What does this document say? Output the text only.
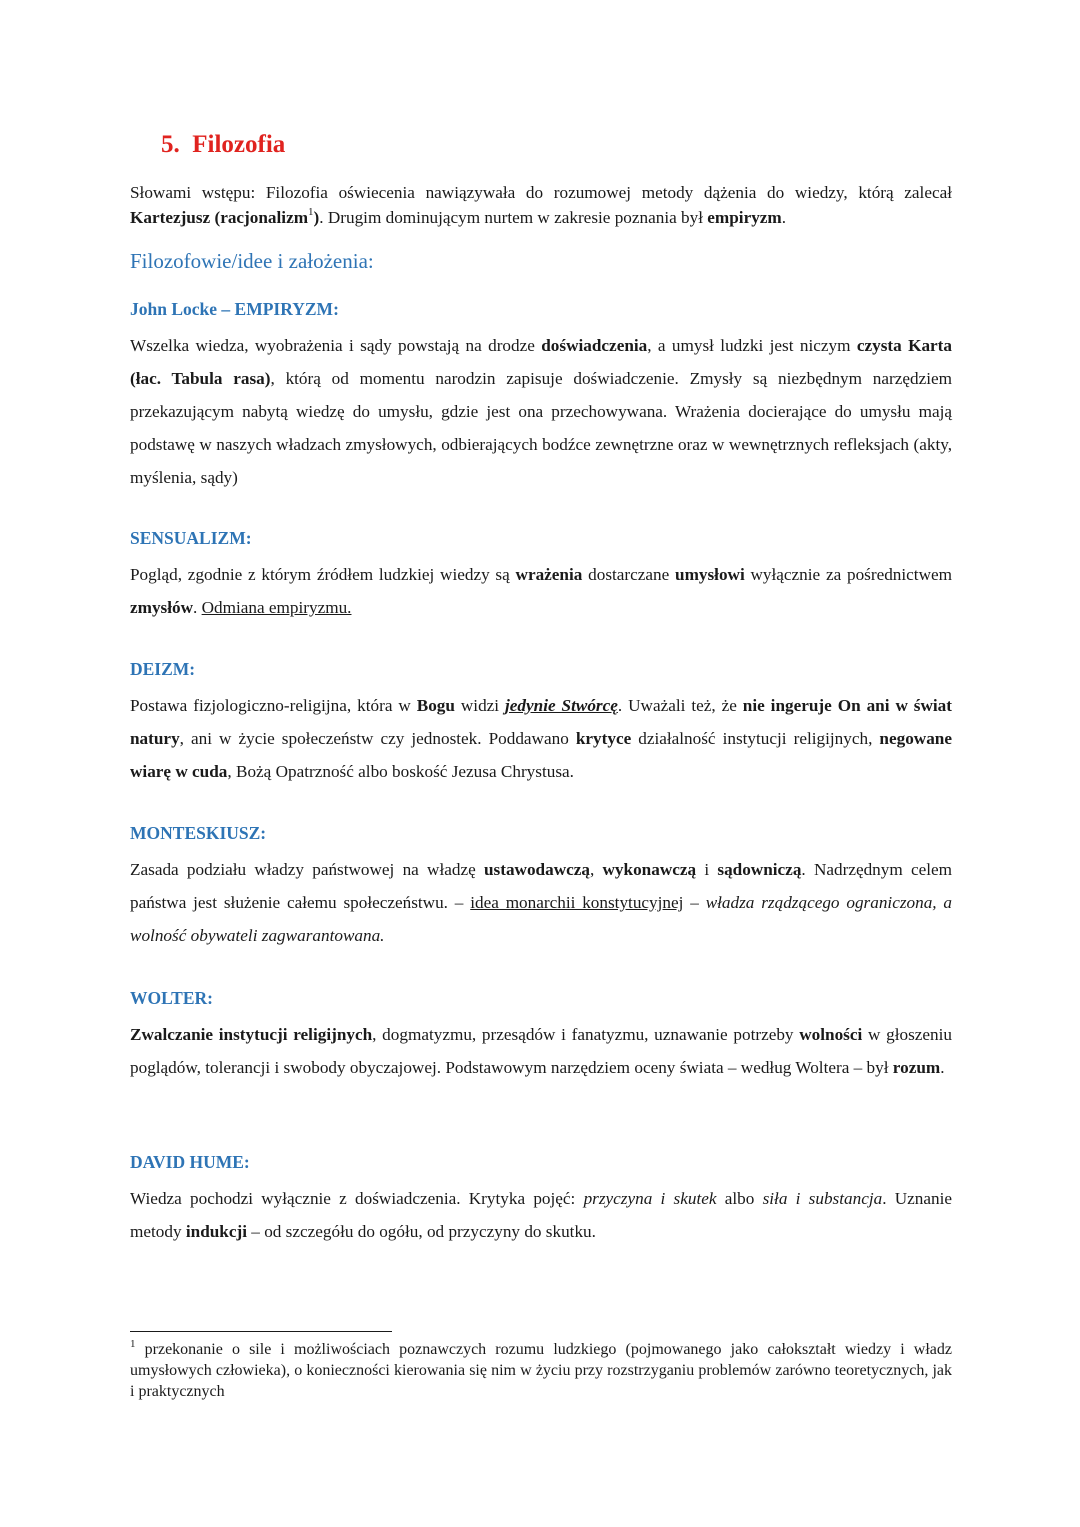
5. Filozofia

Słowami wstępu: Filozofia oświecenia nawiązywała do rozumowej metody dążenia do wiedzy, którą zalecał Kartezjusz (racjonalizm$^1$). Drugim dominującym nurtem w zakresie poznania był empiryzm.

Filozofowie/idee i założenia:
John Locke – EMPIRYZM:

Wszelka wiedza, wyobrażenia i sądy powstają na drodze doświadczenia, a umysł ludzki jest niczym czysta Karta (łac. Tabula rasa), którą od momentu narodzin zapisuje doświadczenie. Zmysły są niezbędnym narzędziem przekazującym nabytą wiedzę do umysłu, gdzie jest ona przechowywana. Wrażenia docierające do umysłu mają podstawę w naszych władzach zmysłowych, odbierających bodźce zewnętrzne oraz w wewnętrznych refleksjach (akty, myślenia, sądy)

SENSUALIZM:

Pogląd, zgodnie z którym źródłem ludzkiej wiedzy są wrażenia dostarczane umysłowi wyłącznie za pośrednictwem zmysłów. Odmiana empiryzmu.

DEIZM:

Postawa fizjologiczno-religijna, która w Bogu widzi jedynie Stwórcę. Uważali też, że nie ingeruje On ani w świat natury, ani w życie społeczeństw czy jednostek. Poddawano krytyce działalność instytucji religijnych, negowane wiarę w cuda, Bożą Opatrzność albo boskość Jezusa Chrystusa.

MONTESKIUSZ:

Zasada podziału władzy państwowej na władzę ustawodawczą, wykonawczą i sądowniczą. Nadrzędnym celem państwa jest służenie całemu społeczeństwu. – idea monarchii konstytucyjnej – władza rządzącego ograniczona, a wolność obywateli zagwarantowana.

WOLTER:

Zwalczanie instytucji religijnych, dogmatyzmu, przesądów i fanatyzmu, uznawanie potrzeby wolności w głoszeniu poglądów, tolerancji i swobody obyczajowej. Podstawowym narzędziem oceny świata – według Woltera – był rozum.

DAVID HUME:

Wiedza pochodzi wyłącznie z doświadczenia. Krytyka pojęć: przyczyna i skutek albo siła i substancja. Uznanie metody indukcji – od szczegółu do ogółu, od przyczyny do skutku.

$^1$ przekonanie o sile i możliwościach poznawczych rozumu ludzkiego (pojmowanego jako całokształt wiedzy i władz umysłowych człowieka), o konieczności kierowania się nim w życiu przy rozstrzyganiu problemów zarówno teoretycznych, jak i praktycznych
